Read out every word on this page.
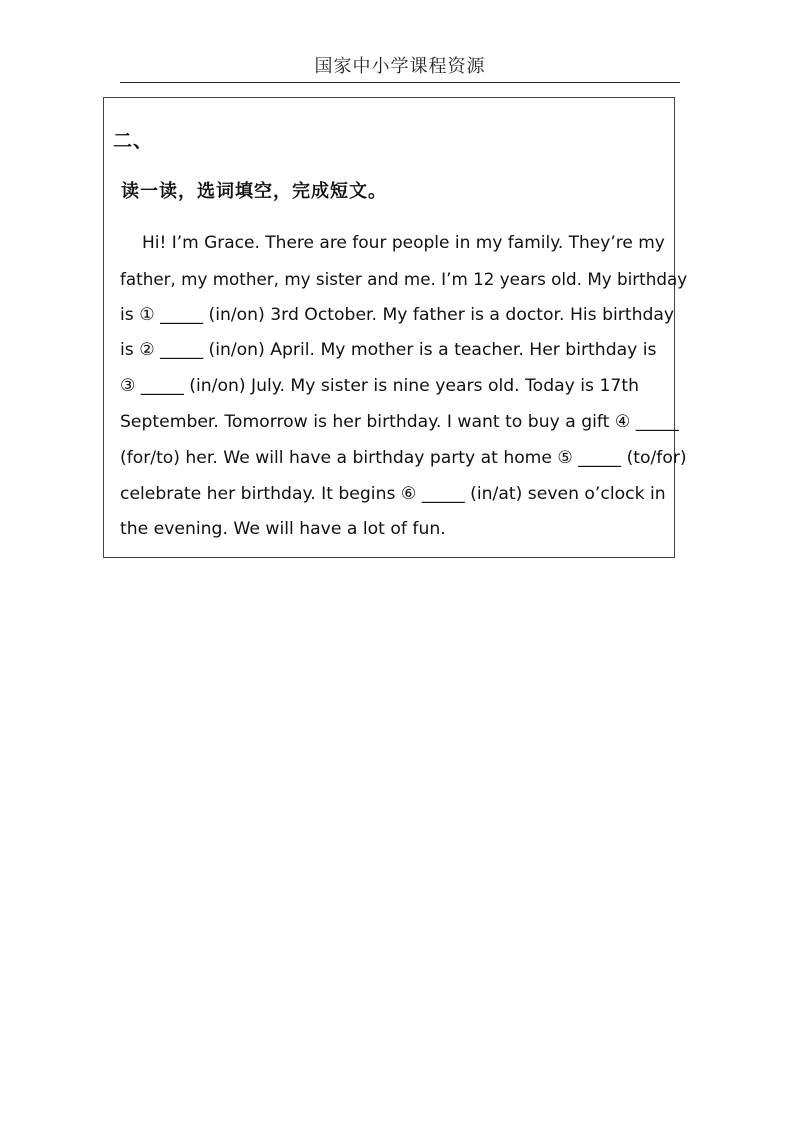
国家中小学课程资源
二、
读一读，选词填空，完成短文。
Hi! I’m Grace. There are four people in my family. They’re my
father, my mother, my sister and me. I’m 12 years old. My birthday
is ① _____ (in/on) 3rd October. My father is a doctor. His birthday
is ② _____ (in/on) April. My mother is a teacher. Her birthday is
③ _____ (in/on) July. My sister is nine years old. Today is 17th
September. Tomorrow is her birthday. I want to buy a gift ④ _____
(for/to) her. We will have a birthday party at home ⑤ _____ (to/for)
celebrate her birthday. It begins ⑥ _____ (in/at) seven o’clock in
the evening. We will have a lot of fun.
